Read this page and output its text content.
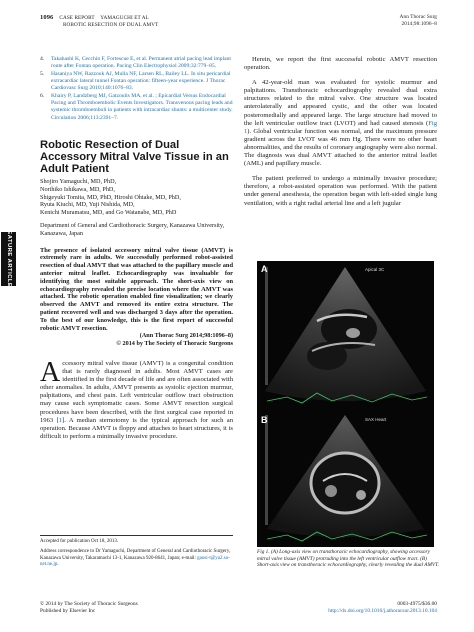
1096 CASE REPORT YAMAGUCHI ET AL
ROBOTIC RESECTION OF DUAL AMVT
Ann Thorac Surg
2014;98:1096–8
FEATURE ARTICLES
4.	Takahashi K, Cecchin F, Fortescue E, et al. Permanent atrial pacing lead implant route after Fontan operation. Pacing Clin Electrophysiol 2009;32:779–85.
5.	Hasaniya NW, Razzouk AJ, Mulla NF, Larsen RL, Bailey LL. In situ pericardial extracardiac lateral tunnel Fontan operation: fifteen-year experience. J Thorac Cardiovasc Surg 2010;140:1076–83.
6.	Khairy P, Landzberg MJ, Gatzoulis MA, et al. ; Epicardial Versus Endocardial Pacing and Thromboembolic Events Investigators. Transvenous pacing leads and systemic thromboemboli in patients with intracardiac shunts: a multicenter study. Circulation 2006;113:2391–7.
Robotic Resection of Dual Accessory Mitral Valve Tissue in an Adult Patient
Shojiro Yamaguchi, MD, PhD,
Norihiko Ishikawa, MD, PhD,
Shigeyuki Tomita, MD, PhD, Hiroshi Ohtake, MD, PhD,
Ryuta Kiuchi, MD, Yuji Nishida, MD,
Kenichi Muramatsu, MD, and Go Watanabe, MD, PhD
Department of General and Cardiothoracic Surgery, Kanazawa University, Kanazawa, Japan
The presence of isolated accessory mitral valve tissue (AMVT) is extremely rare in adults. We successfully performed robot-assisted resection of dual AMVT that was attached to the papillary muscle and anterior mitral leaflet. Echocardiography was invaluable for identifying the most suitable approach. The short-axis view on echocardiography revealed the precise location where the AMVT was attached. The robotic operation enabled fine visualization; we clearly observed the AMVT and removed its entire extra structure. The patient recovered well and was discharged 3 days after the operation. To the best of our knowledge, this is the first report of successful robotic AMVT resection.
(Ann Thorac Surg 2014;98:1096–8)
© 2014 by The Society of Thoracic Surgeons
Accessory mitral valve tissue (AMVT) is a congenital condition that is rarely diagnosed in adults. Most AMVT cases are identified in the first decade of life and are often associated with other anomalies. In adults, AMVT presents as systolic ejection murmur, palpitations, and chest pain. Left ventricular outflow tract obstruction may cause such symptomatic cases. Some AMVT resection surgical procedures have been described, with the first surgical case reported in 1963 [1]. A median sternotomy is the typical approach for such an operation. Because AMVT is floppy and attaches to heart structures, it is difficult to perform a minimally invasive procedure.
Accepted for publication Oct 18, 2013.
Address correspondence to Dr Yamaguchi, Department of General and Cardiothoracic Surgery, Kanazawa University, Takaramachi 13-1, Kanazawa 920-8641, Japan; e-mail: gaosi-t@ya2.so-net.ne.jp.
© 2014 by The Society of Thoracic Surgeons
Published by Elsevier Inc
0003-4975/$36.00
http://dx.doi.org/10.1016/j.athoracsur.2013.10.104

Herein, we report the first successful robotic AMVT resection operation.

A 42-year-old man was evaluated for systolic murmur and palpitations. Transthoracic echocardiography revealed dual extra structures related to the mitral valve. One structure was located anterolaterally and appeared cystic, and the other was located posteromedially and appeared large. The large structure had moved to the left ventricular outflow tract (LVOT) and had caused stenosis (Fig 1). Global ventricular function was normal, and the maximum pressure gradient across the LVOT was 46 mm Hg. There were no other heart abnormalities, and the results of coronary angiography were also normal. The diagnosis was dual AMVT attached to the anterior mitral leaflet (AML) and papillary muscle.

The patient preferred to undergo a minimally invasive procedure; therefore, a robot-assisted operation was performed. With the patient under general anesthesia, the operation began with left-sided single lung ventilation, with a right radial arterial line and a left jugular

A	Apical 3C
B	SAX Heart
Fig 1. (A) Long-axis view on transthoracic echocardiography, showing accessory mitral valve tissue (AMVT) protruding into the left ventricular outflow tract. (B) Short-axis view on transthoracic echocardiography, clearly revealing the dual AMVT.
